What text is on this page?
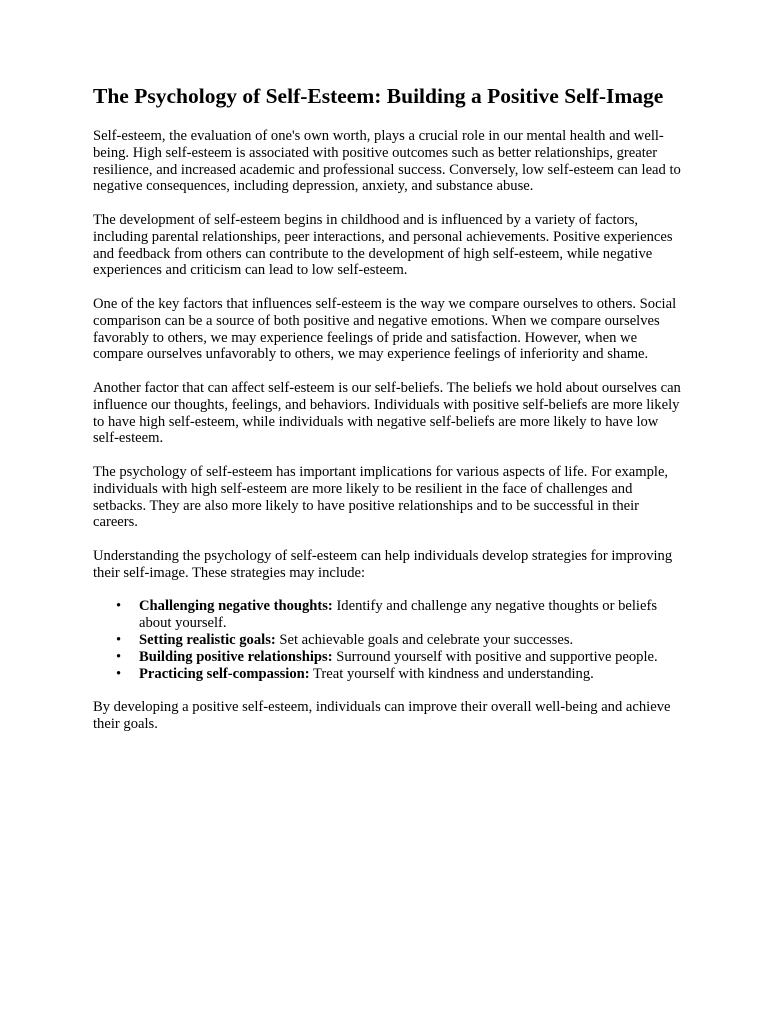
The Psychology of Self-Esteem: Building a Positive Self-Image

Self-esteem, the evaluation of one's own worth, plays a crucial role in our mental health and well-being. High self-esteem is associated with positive outcomes such as better relationships, greater resilience, and increased academic and professional success. Conversely, low self-esteem can lead to negative consequences, including depression, anxiety, and substance abuse.

The development of self-esteem begins in childhood and is influenced by a variety of factors, including parental relationships, peer interactions, and personal achievements. Positive experiences and feedback from others can contribute to the development of high self-esteem, while negative experiences and criticism can lead to low self-esteem.

One of the key factors that influences self-esteem is the way we compare ourselves to others. Social comparison can be a source of both positive and negative emotions. When we compare ourselves favorably to others, we may experience feelings of pride and satisfaction. However, when we compare ourselves unfavorably to others, we may experience feelings of inferiority and shame.

Another factor that can affect self-esteem is our self-beliefs. The beliefs we hold about ourselves can influence our thoughts, feelings, and behaviors. Individuals with positive self-beliefs are more likely to have high self-esteem, while individuals with negative self-beliefs are more likely to have low self-esteem.

The psychology of self-esteem has important implications for various aspects of life. For example, individuals with high self-esteem are more likely to be resilient in the face of challenges and setbacks. They are also more likely to have positive relationships and to be successful in their careers.

Understanding the psychology of self-esteem can help individuals develop strategies for improving their self-image. These strategies may include:

• Challenging negative thoughts: Identify and challenge any negative thoughts or beliefs about yourself.
• Setting realistic goals: Set achievable goals and celebrate your successes.
• Building positive relationships: Surround yourself with positive and supportive people.
• Practicing self-compassion: Treat yourself with kindness and understanding.

By developing a positive self-esteem, individuals can improve their overall well-being and achieve their goals.
